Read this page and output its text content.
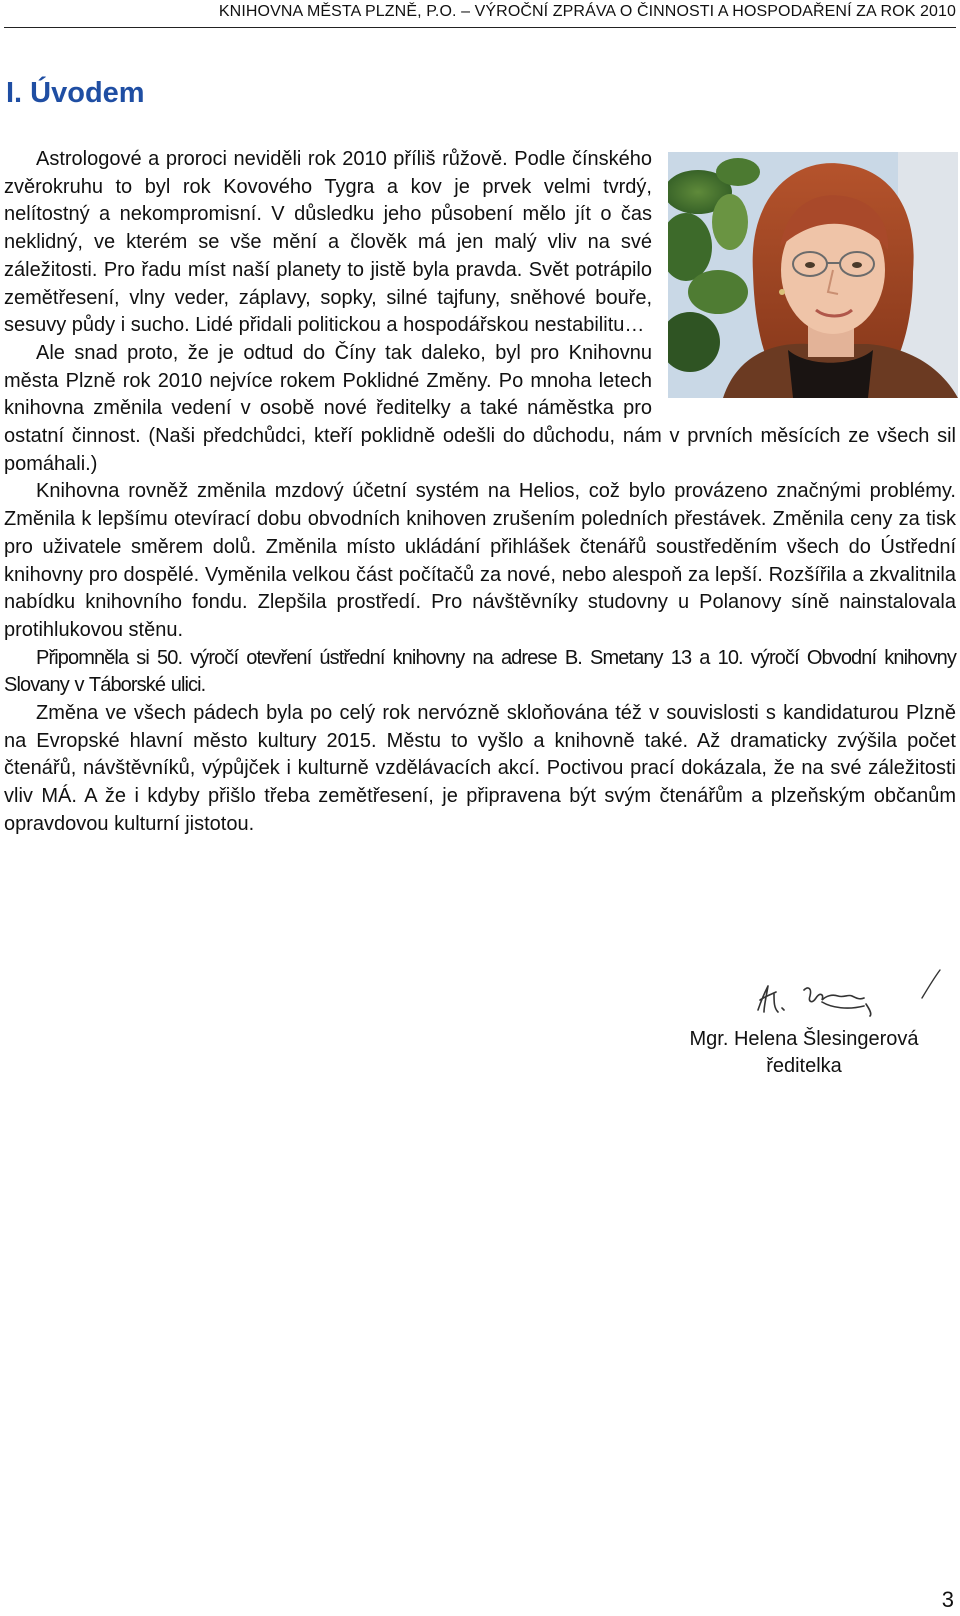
KNIHOVNA MĚSTA PLZNĚ, P.O. – VÝROČNÍ ZPRÁVA O ČINNOSTI A HOSPODAŘENÍ ZA ROK 2010
I. Úvodem

Astrologové a proroci neviděli rok 2010 příliš růžově. Podle čínského zvěrokruhu to byl rok Kovového Tygra a kov je prvek velmi tvrdý, nelítostný a nekompromisní. V důsledku jeho působení mělo jít o čas neklidný, ve kterém se vše mění a člověk má jen malý vliv na své záležitosti. Pro řadu míst naší planety to jistě byla pravda. Svět potrápilo zemětřesení, vlny veder, záplavy, sopky, silné tajfuny, sněhové bouře, sesuvy půdy i sucho. Lidé přidali politickou a hospodářskou nestabilitu…

Ale snad proto, že je odtud do Číny tak daleko, byl pro Knihovnu města Plzně rok 2010 nejvíce rokem Poklidné Změny. Po mnoha letech knihovna změnila vedení v osobě nové ředitelky a také náměstka pro ostatní činnost. (Naši předchůdci, kteří poklidně odešli do důchodu, nám v prvních měsících ze všech sil pomáhali.)

Knihovna rovněž změnila mzdový účetní systém na Helios, což bylo provázeno značnými problémy. Změnila k lepšímu otevírací dobu obvodních knihoven zrušením poledních přestávek. Změnila ceny za tisk pro uživatele směrem dolů. Změnila místo ukládání přihlášek čtenářů soustředěním všech do Ústřední knihovny pro dospělé. Vyměnila velkou část počítačů za nové, nebo alespoň za lepší. Rozšířila a zkvalitnila nabídku knihovního fondu. Zlepšila prostředí. Pro návštěvníky studovny u Polanovy síně nainstalovala protihlukovou stěnu.

Připomněla si 50. výročí otevření ústřední knihovny na adrese B. Smetany 13 a 10. výročí Obvodní knihovny Slovany v Táborské ulici.

Změna ve všech pádech byla po celý rok nervózně skloňována též v souvislosti s kandidaturou Plzně na Evropské hlavní město kultury 2015. Městu to vyšlo a knihovně také. Až dramaticky zvýšila počet čtenářů, návštěvníků, výpůjček i kulturně vzdělávacích akcí. Poctivou prací dokázala, že na své záležitosti vliv MÁ. A že i kdyby přišlo třeba zemětřesení, je připravena být svým čtenářům a plzeňským občanům opravdovou kulturní jistotou.

Mgr. Helena Šlesingerová
ředitelka
3
